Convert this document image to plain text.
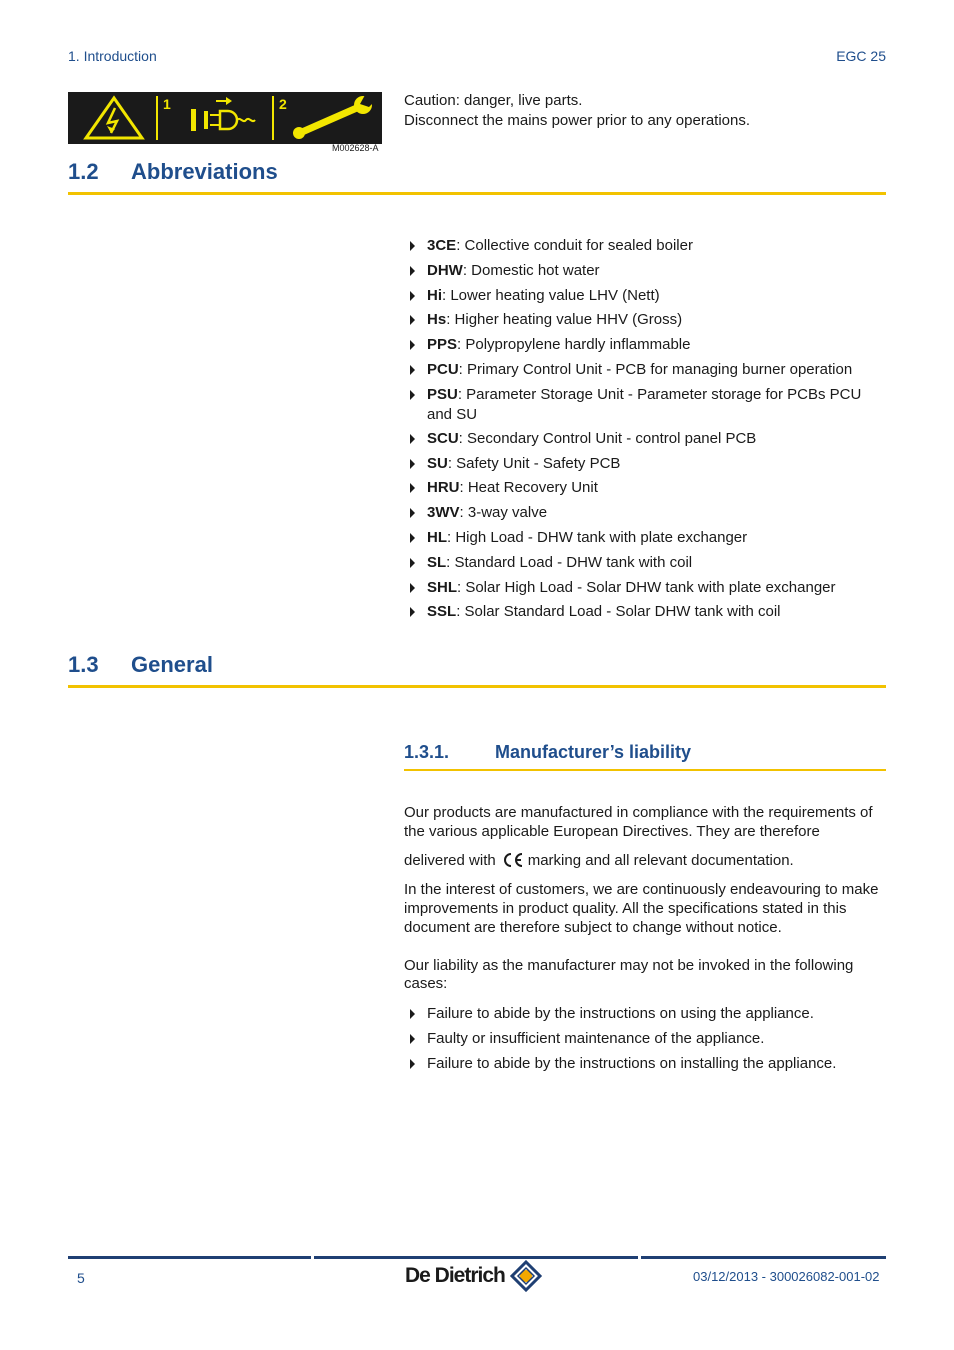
1. Introduction	EGC 25
1	2
M002628-A
Caution: danger, live parts.
Disconnect the mains power prior to any operations.
1.2 Abbreviations
3CE: Collective conduit for sealed boiler
DHW: Domestic hot water
Hi: Lower heating value LHV (Nett)
Hs: Higher heating value HHV (Gross)
PPS: Polypropylene hardly inflammable
PCU: Primary Control Unit - PCB for managing burner operation
PSU: Parameter Storage Unit - Parameter storage for PCBs PCU and SU
SCU: Secondary Control Unit - control panel PCB
SU: Safety Unit - Safety PCB
HRU: Heat Recovery Unit
3WV: 3-way valve
HL: High Load - DHW tank with plate exchanger
SL: Standard Load - DHW tank with coil
SHL: Solar High Load - Solar DHW tank with plate exchanger
SSL: Solar Standard Load - Solar DHW tank with coil
1.3 General
1.3.1.	Manufacturer’s liability
Our products are manufactured in compliance with the requirements of the various applicable European Directives. They are therefore
delivered with marking and all relevant documentation.
In the interest of customers, we are continuously endeavouring to make improvements in product quality. All the specifications stated in this document are therefore subject to change without notice.
Our liability as the manufacturer may not be invoked in the following cases:
Failure to abide by the instructions on using the appliance.
Faulty or insufficient maintenance of the appliance.
Failure to abide by the instructions on installing the appliance.
5	De Dietrich	03/12/2013 - 300026082-001-02
